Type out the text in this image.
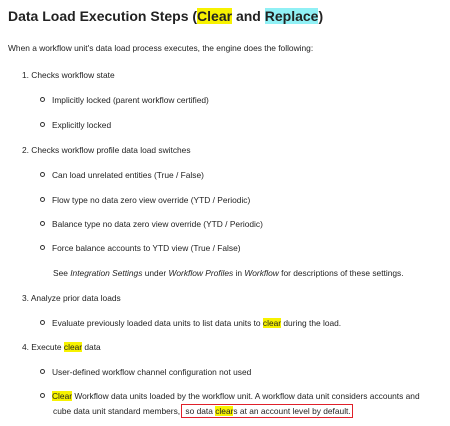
Data Load Execution Steps (Clear and Replace)
When a workflow unit's data load process executes, the engine does the following:
1. Checks workflow state
Implicitly locked (parent workflow certified)
Explicitly locked
2. Checks workflow profile data load switches
Can load unrelated entities (True / False)
Flow type no data zero view override (YTD / Periodic)
Balance type no data zero view override (YTD / Periodic)
Force balance accounts to YTD view (True / False)
See Integration Settings under Workflow Profiles in Workflow for descriptions of these settings.
3. Analyze prior data loads
Evaluate previously loaded data units to list data units to clear during the load.
4. Execute clear data
User-defined workflow channel configuration not used
Clear Workflow data units loaded by the workflow unit. A workflow data unit considers accounts and
cube data unit standard members, so data clears at an account level by default.
